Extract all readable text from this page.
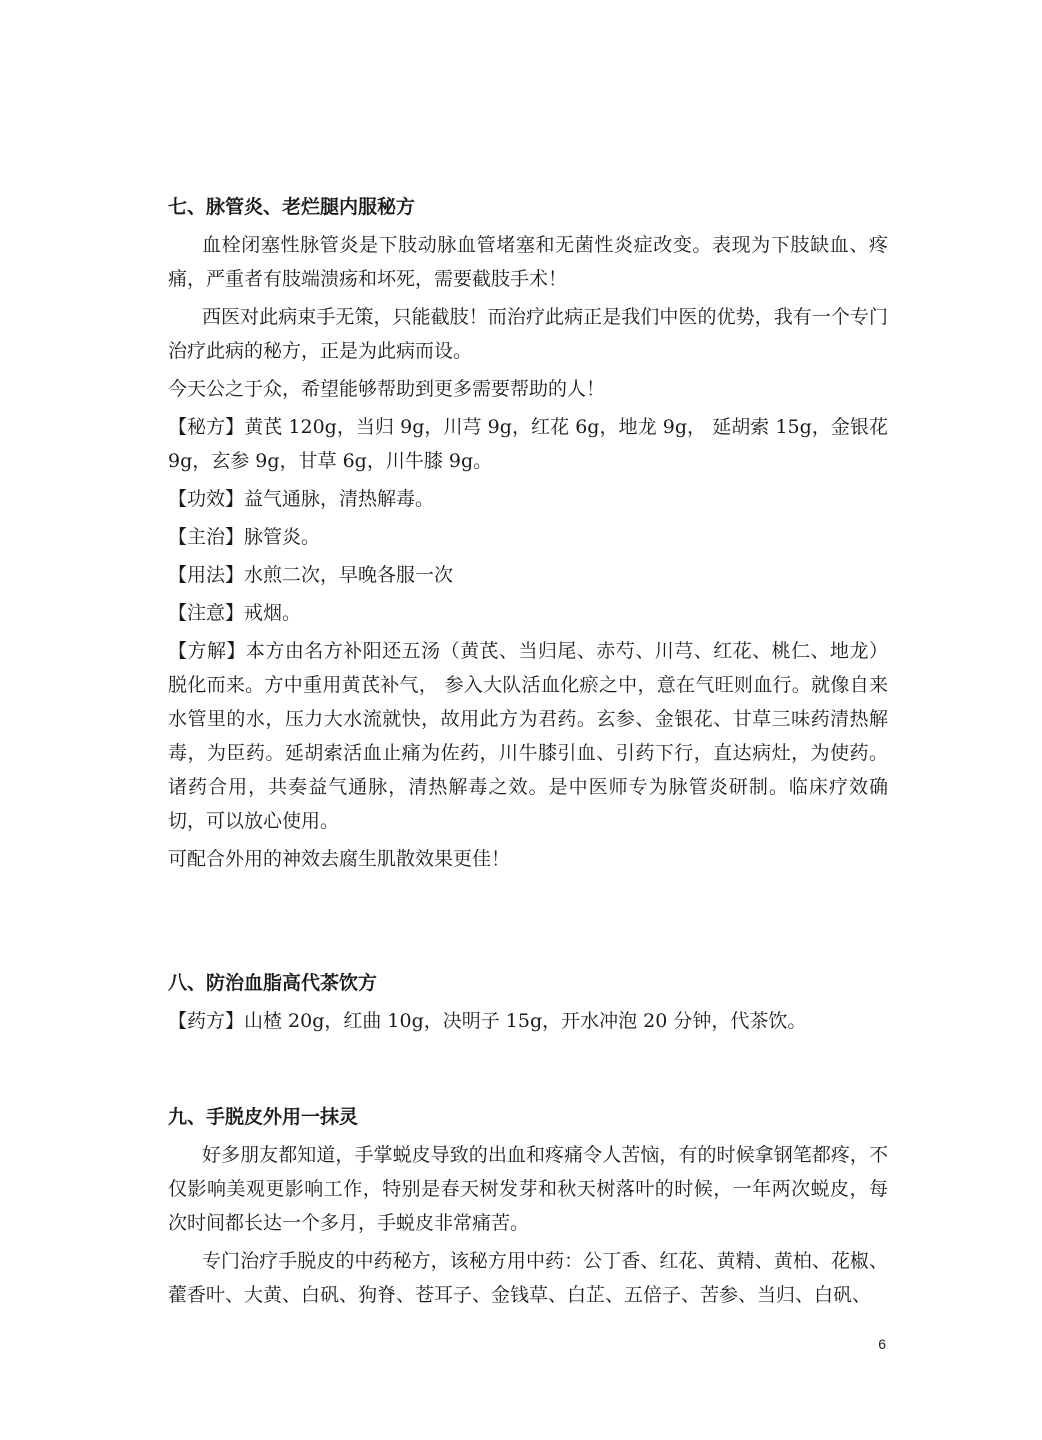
七、脉管炎、老烂腿内服秘方

血栓闭塞性脉管炎是下肢动脉血管堵塞和无菌性炎症改变。表现为下肢缺血、疼痛，严重者有肢端溃疡和坏死，需要截肢手术！

西医对此病束手无策，只能截肢！而治疗此病正是我们中医的优势，我有一个专门治疗此病的秘方，正是为此病而设。

今天公之于众，希望能够帮助到更多需要帮助的人！

【秘方】黄芪 120g，当归 9g，川芎 9g，红花 6g，地龙 9g， 延胡索 15g，金银花 9g，玄参 9g，甘草 6g，川牛膝 9g。

【功效】益气通脉，清热解毒。

【主治】脉管炎。

【用法】水煎二次，早晚各服一次

【注意】戒烟。

【方解】本方由名方补阳还五汤（黄芪、当归尾、赤芍、川芎、红花、桃仁、地龙）脱化而来。方中重用黄芪补气， 参入大队活血化瘀之中，意在气旺则血行。就像自来水管里的水，压力大水流就快，故用此方为君药。玄参、金银花、甘草三味药清热解毒，为臣药。延胡索活血止痛为佐药，川牛膝引血、引药下行，直达病灶，为使药。诸药合用，共奏益气通脉，清热解毒之效。是中医师专为脉管炎研制。临床疗效确切，可以放心使用。

可配合外用的神效去腐生肌散效果更佳！

八、防治血脂高代茶饮方

【药方】山楂 20g，红曲 10g，决明子 15g，开水冲泡 20 分钟，代茶饮。

九、手脱皮外用一抹灵

好多朋友都知道，手掌蜕皮导致的出血和疼痛令人苦恼，有的时候拿钢笔都疼，不仅影响美观更影响工作，特别是春天树发芽和秋天树落叶的时候，一年两次蜕皮，每次时间都长达一个多月，手蜕皮非常痛苦。

专门治疗手脱皮的中药秘方，该秘方用中药：公丁香、红花、黄精、黄柏、花椒、藿香叶、大黄、白矾、狗脊、苍耳子、金钱草、白芷、五倍子、苦参、当归、白矾、

6
